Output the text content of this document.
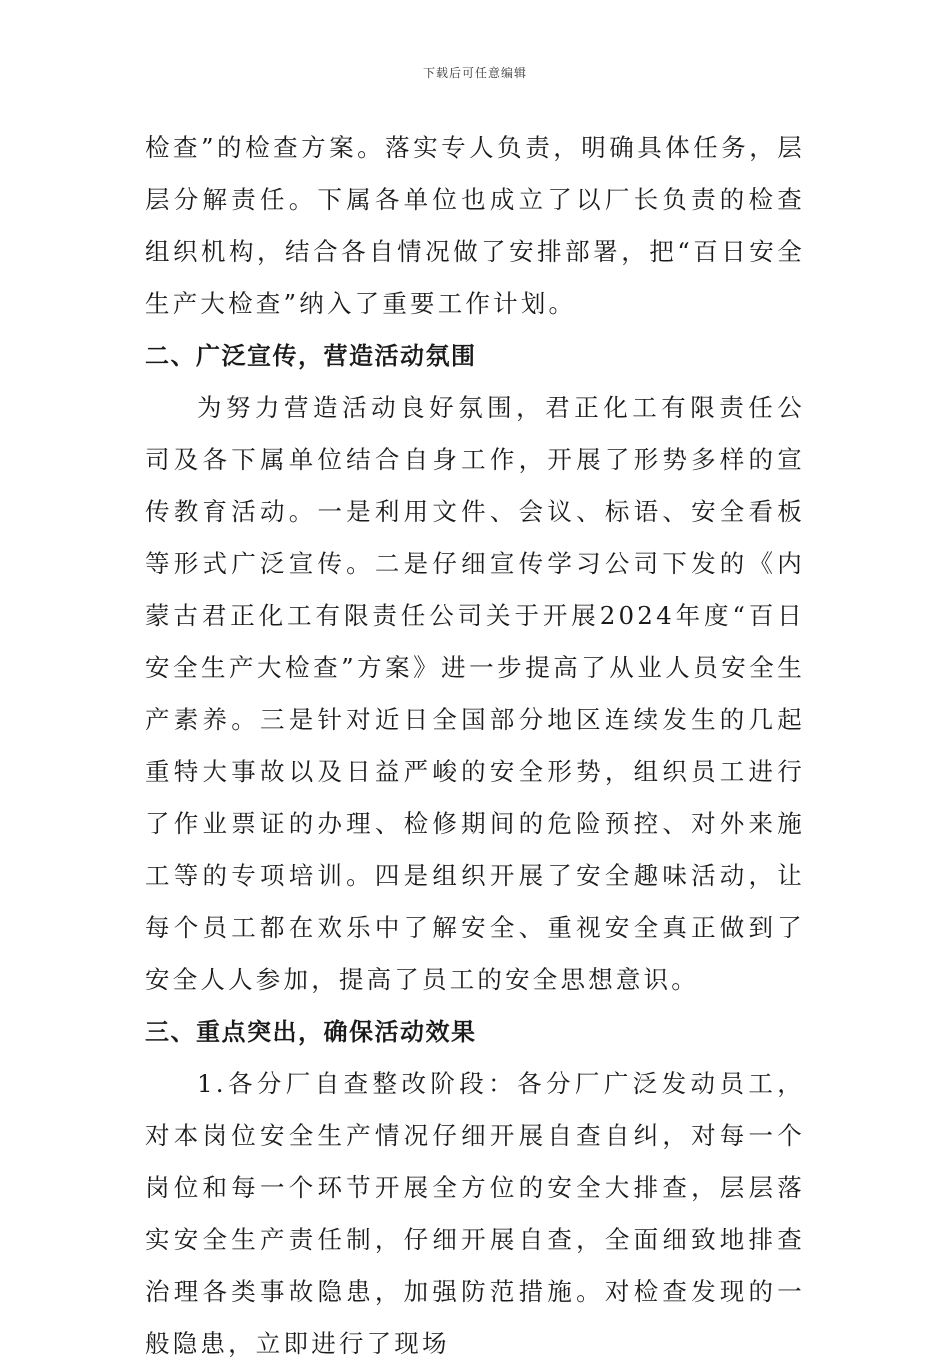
下载后可任意编辑

检查”的检查方案。落实专人负责，明确具体任务，层层分解责任。下属各单位也成立了以厂长负责的检查组织机构，结合各自情况做了安排部署，把“百日安全生产大检查”纳入了重要工作计划。

二、广泛宣传，营造活动氛围

为努力营造活动良好氛围，君正化工有限责任公司及各下属单位结合自身工作，开展了形势多样的宣传教育活动。一是利用文件、会议、标语、安全看板等形式广泛宣传。二是仔细宣传学习公司下发的《内蒙古君正化工有限责任公司关于开展2024年度“百日安全生产大检查”方案》进一步提高了从业人员安全生产素养。三是针对近日全国部分地区连续发生的几起重特大事故以及日益严峻的安全形势，组织员工进行了作业票证的办理、检修期间的危险预控、对外来施工等的专项培训。四是组织开展了安全趣味活动，让每个员工都在欢乐中了解安全、重视安全真正做到了安全人人参加，提高了员工的安全思想意识。

三、重点突出，确保活动效果

1.各分厂自查整改阶段：各分厂广泛发动员工，对本岗位安全生产情况仔细开展自查自纠，对每一个岗位和每一个环节开展全方位的安全大排查，层层落实安全生产责任制，仔细开展自查，全面细致地排查治理各类事故隐患，加强防范措施。对检查发现的一般隐患，立即进行了现场
